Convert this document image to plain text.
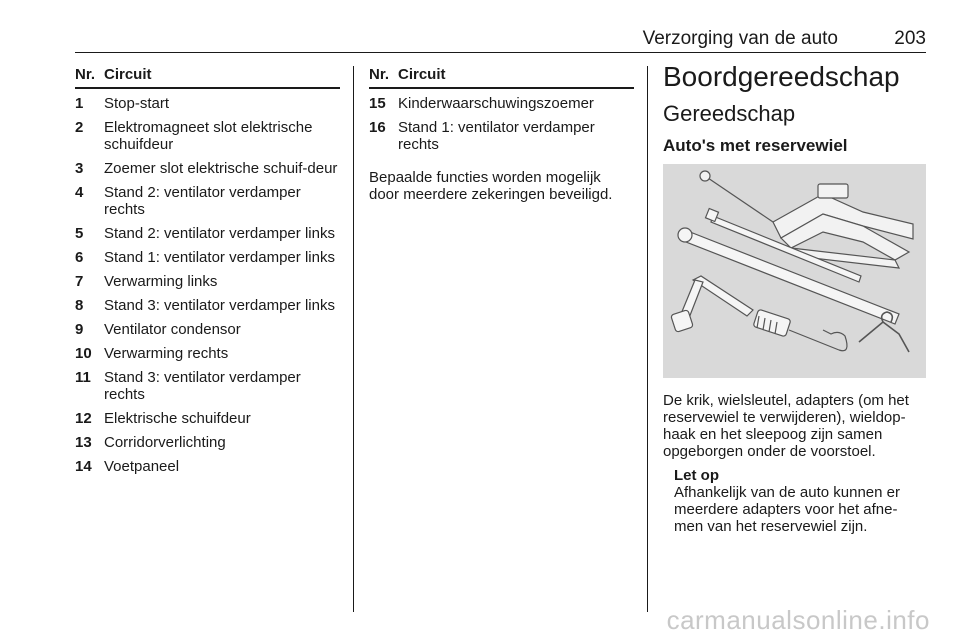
Verzorging van de auto	203
Nr. Circuit
1	Stop-start
2	Elektromagneet slot elektrische schuifdeur
3	Zoemer slot elektrische schuif-deur
4	Stand 2: ventilator verdamper rechts
5	Stand 2: ventilator verdamper links
6	Stand 1: ventilator verdamper links
7	Verwarming links
8	Stand 3: ventilator verdamper links
9	Ventilator condensor
10 Verwarming rechts
11 Stand 3: ventilator verdamper rechts
12 Elektrische schuifdeur
13 Corridorverlichting
14 Voetpaneel
Nr. Circuit
15 Kinderwaarschuwingszoemer
16 Stand 1: ventilator verdamper rechts
Bepaalde functies worden mogelijk door meerdere zekeringen beveiligd.
Boordgereedschap
Gereedschap
Auto's met reservewiel
De krik, wielsleutel, adapters (om het reservewiel te verwijderen), wieldop-haak en het sleepoog zijn samen opgeborgen onder de voorstoel.
Let op
Afhankelijk van de auto kunnen er meerdere adapters voor het afne-men van het reservewiel zijn.
carmanualsonline.info
